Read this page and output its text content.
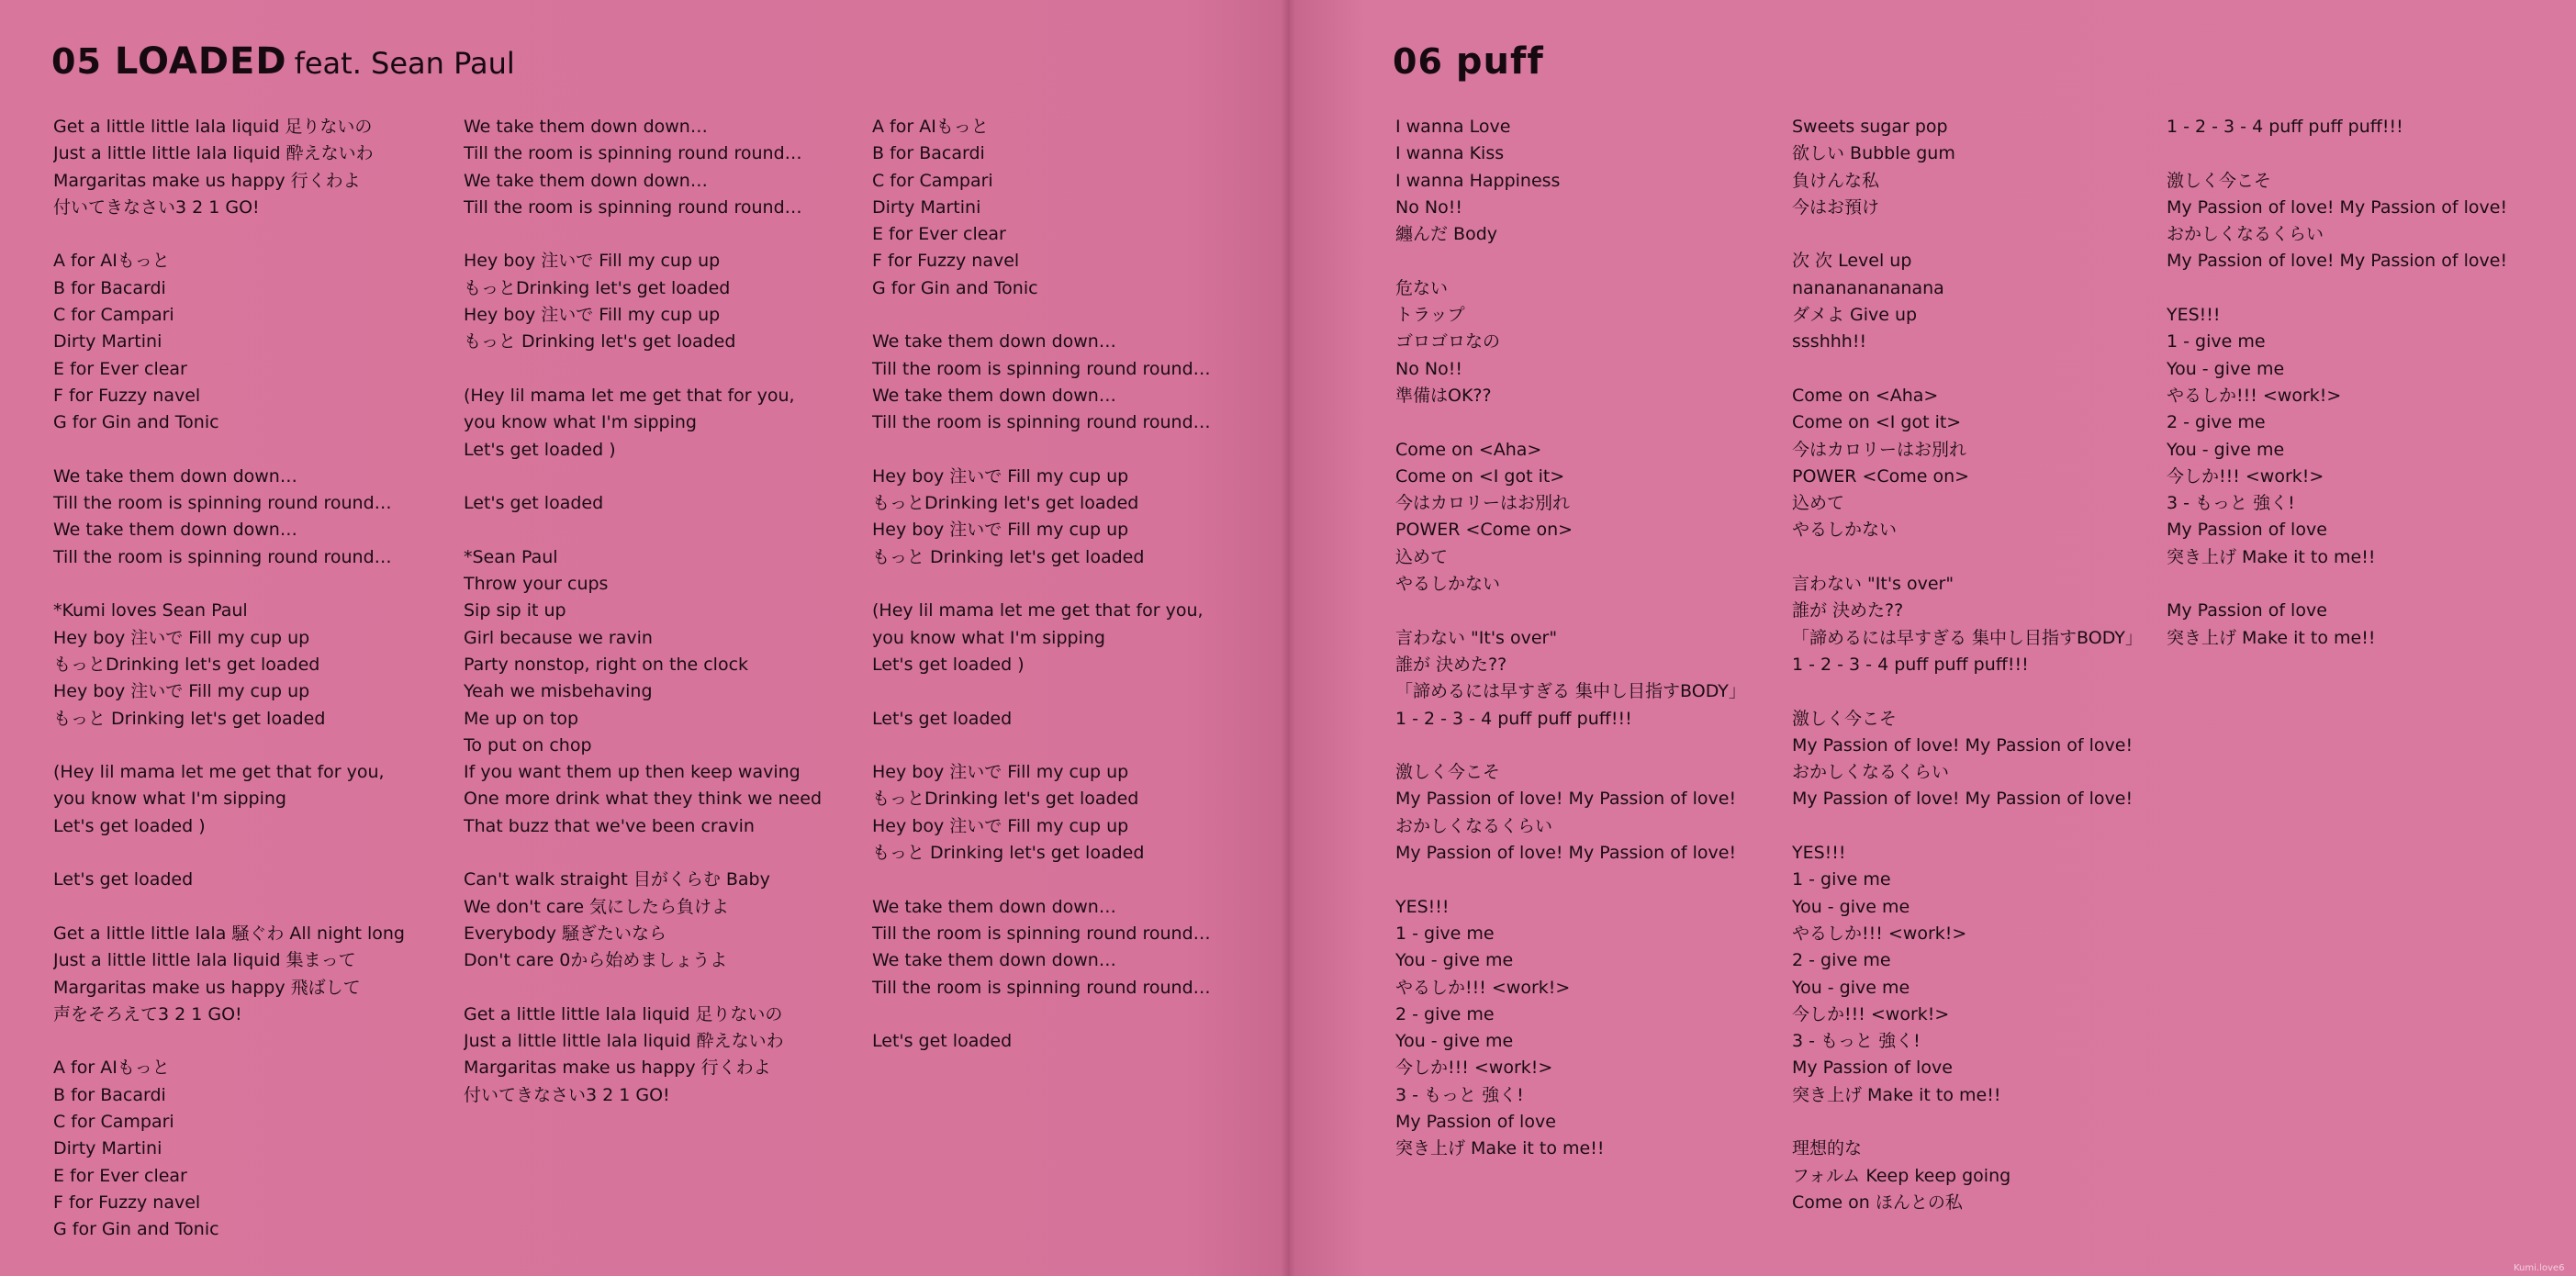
05 LOADED feat. Sean Paul	06 puff
Get a little little lala liquid 足りないの
Just a little little lala liquid 酔えないわ
Margaritas make us happy 行くわよ
付いてきなさい3 2 1 GO!

A for AIもっと
B for Bacardi
C for Campari
Dirty Martini
E for Ever clear
F for Fuzzy navel
G for Gin and Tonic

We take them down down…
Till the room is spinning round round…
We take them down down…
Till the room is spinning round round…

*Kumi loves Sean Paul
Hey boy 注いで Fill my cup up
もっとDrinking let's get loaded
Hey boy 注いで Fill my cup up
もっと Drinking let's get loaded

(Hey lil mama let me get that for you,
you know what I'm sipping
Let's get loaded )

Let's get loaded

Get a little little lala 騒ぐわ All night long
Just a little little lala liquid 集まって
Margaritas make us happy 飛ばして
声をそろえて3 2 1 GO!

A for AIもっと
B for Bacardi
C for Campari
Dirty Martini
E for Ever clear
F for Fuzzy navel
G for Gin and Tonic
We take them down down…
Till the room is spinning round round…
We take them down down…
Till the room is spinning round round…

Hey boy 注いで Fill my cup up
もっとDrinking let's get loaded
Hey boy 注いで Fill my cup up
もっと Drinking let's get loaded

(Hey lil mama let me get that for you,
you know what I'm sipping
Let's get loaded )

Let's get loaded

*Sean Paul
Throw your cups
Sip sip it up
Girl because we ravin
Party nonstop, right on the clock
Yeah we misbehaving
Me up on top
To put on chop
If you want them up then keep waving
One more drink what they think we need
That buzz that we've been cravin

Can't walk straight 目がくらむ Baby
We don't care 気にしたら負けよ
Everybody 騒ぎたいなら
Don't care 0から始めましょうよ

Get a little little lala liquid 足りないの
Just a little little lala liquid 酔えないわ
Margaritas make us happy 行くわよ
付いてきなさい3 2 1 GO!
A for AIもっと
B for Bacardi
C for Campari
Dirty Martini
E for Ever clear
F for Fuzzy navel
G for Gin and Tonic

We take them down down…
Till the room is spinning round round…
We take them down down…
Till the room is spinning round round…

Hey boy 注いで Fill my cup up
もっとDrinking let's get loaded
Hey boy 注いで Fill my cup up
もっと Drinking let's get loaded

(Hey lil mama let me get that for you,
you know what I'm sipping
Let's get loaded )

Let's get loaded

Hey boy 注いで Fill my cup up
もっとDrinking let's get loaded
Hey boy 注いで Fill my cup up
もっと Drinking let's get loaded

We take them down down…
Till the room is spinning round round…
We take them down down…
Till the room is spinning round round…

Let's get loaded
I wanna Love
I wanna Kiss
I wanna Happiness
No No!!
纏んだ Body

危ない
トラップ
ゴロゴロなの
No No!!
準備はOK??

Come on <Aha>
Come on <I got it>
今はカロリーはお別れ
POWER <Come on>
込めて
やるしかない

言わない "It's over"
誰が 決めた??
「諦めるには早すぎる 集中し目指すBODY」
1 - 2 - 3 - 4 puff puff puff!!!

激しく今こそ
My Passion of love! My Passion of love!
おかしくなるくらい
My Passion of love! My Passion of love!

YES!!!
1 - give me
You - give me
やるしか!!! <work!>
2 - give me
You - give me
今しか!!! <work!>
3 - もっと 強く!
My Passion of love
突き上げ Make it to me!!
Sweets sugar pop
欲しい Bubble gum
負けんな私
今はお預け

次 次 Level up
nanananananana
ダメよ Give up
ssshhh!!

Come on <Aha>
Come on <I got it>
今はカロリーはお別れ
POWER <Come on>
込めて
やるしかない

言わない "It's over"
誰が 決めた??
「諦めるには早すぎる 集中し目指すBODY」
1 - 2 - 3 - 4 puff puff puff!!!

激しく今こそ
My Passion of love! My Passion of love!
おかしくなるくらい
My Passion of love! My Passion of love!

YES!!!
1 - give me
You - give me
やるしか!!! <work!>
2 - give me
You - give me
今しか!!! <work!>
3 - もっと 強く!
My Passion of love
突き上げ Make it to me!!

理想的な
フォルム Keep keep going
Come on ほんとの私
1 - 2 - 3 - 4 puff puff puff!!!

激しく今こそ
My Passion of love! My Passion of love!
おかしくなるくらい
My Passion of love! My Passion of love!

YES!!!
1 - give me
You - give me
やるしか!!! <work!>
2 - give me
You - give me
今しか!!! <work!>
3 - もっと 強く!
My Passion of love
突き上げ Make it to me!!

My Passion of love
突き上げ Make it to me!!
Kumi.love6
